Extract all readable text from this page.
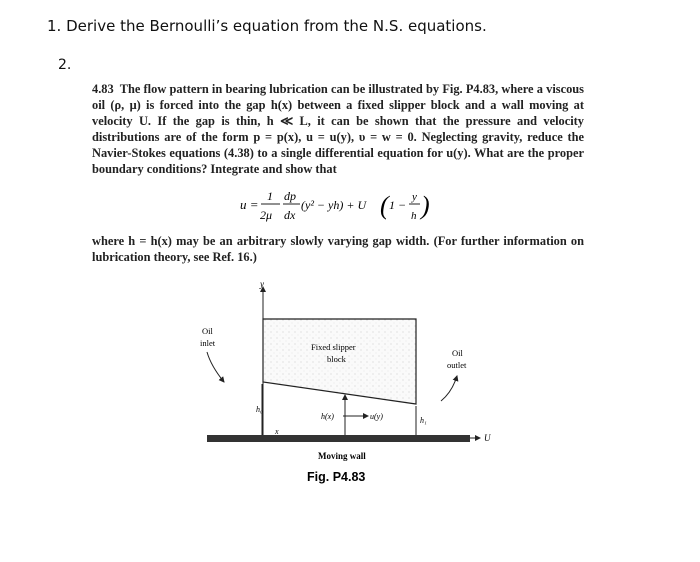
1. Derive the Bernoulli’s equation from the N.S. equations.
2.

4.83 The flow pattern in bearing lubrication can be illustrated by Fig. P4.83, where a viscous oil (ρ, μ) is forced into the gap h(x) between a fixed slipper block and a wall moving at velocity U. If the gap is thin, h ≪ L, it can be shown that the pressure and velocity distributions are of the form p = p(x), u = u(y), υ = w = 0. Neglecting gravity, reduce the Navier-Stokes equations (4.38) to a single differential equation for u(y). What are the proper boundary conditions? Integrate and show that

u =
1
2μ
dp
dx
(y² − yh) + U ( 1 −
y
h )
where h = h(x) may be an arbitrary slowly varying gap width. (For further information on lubrication theory, see Ref. 16.)
y
U
x
h₀
h(x)	u(y)	h₁
Fixed slipper
block
Oil
inlet
Oil
outlet
Moving wall
Fig. P4.83
